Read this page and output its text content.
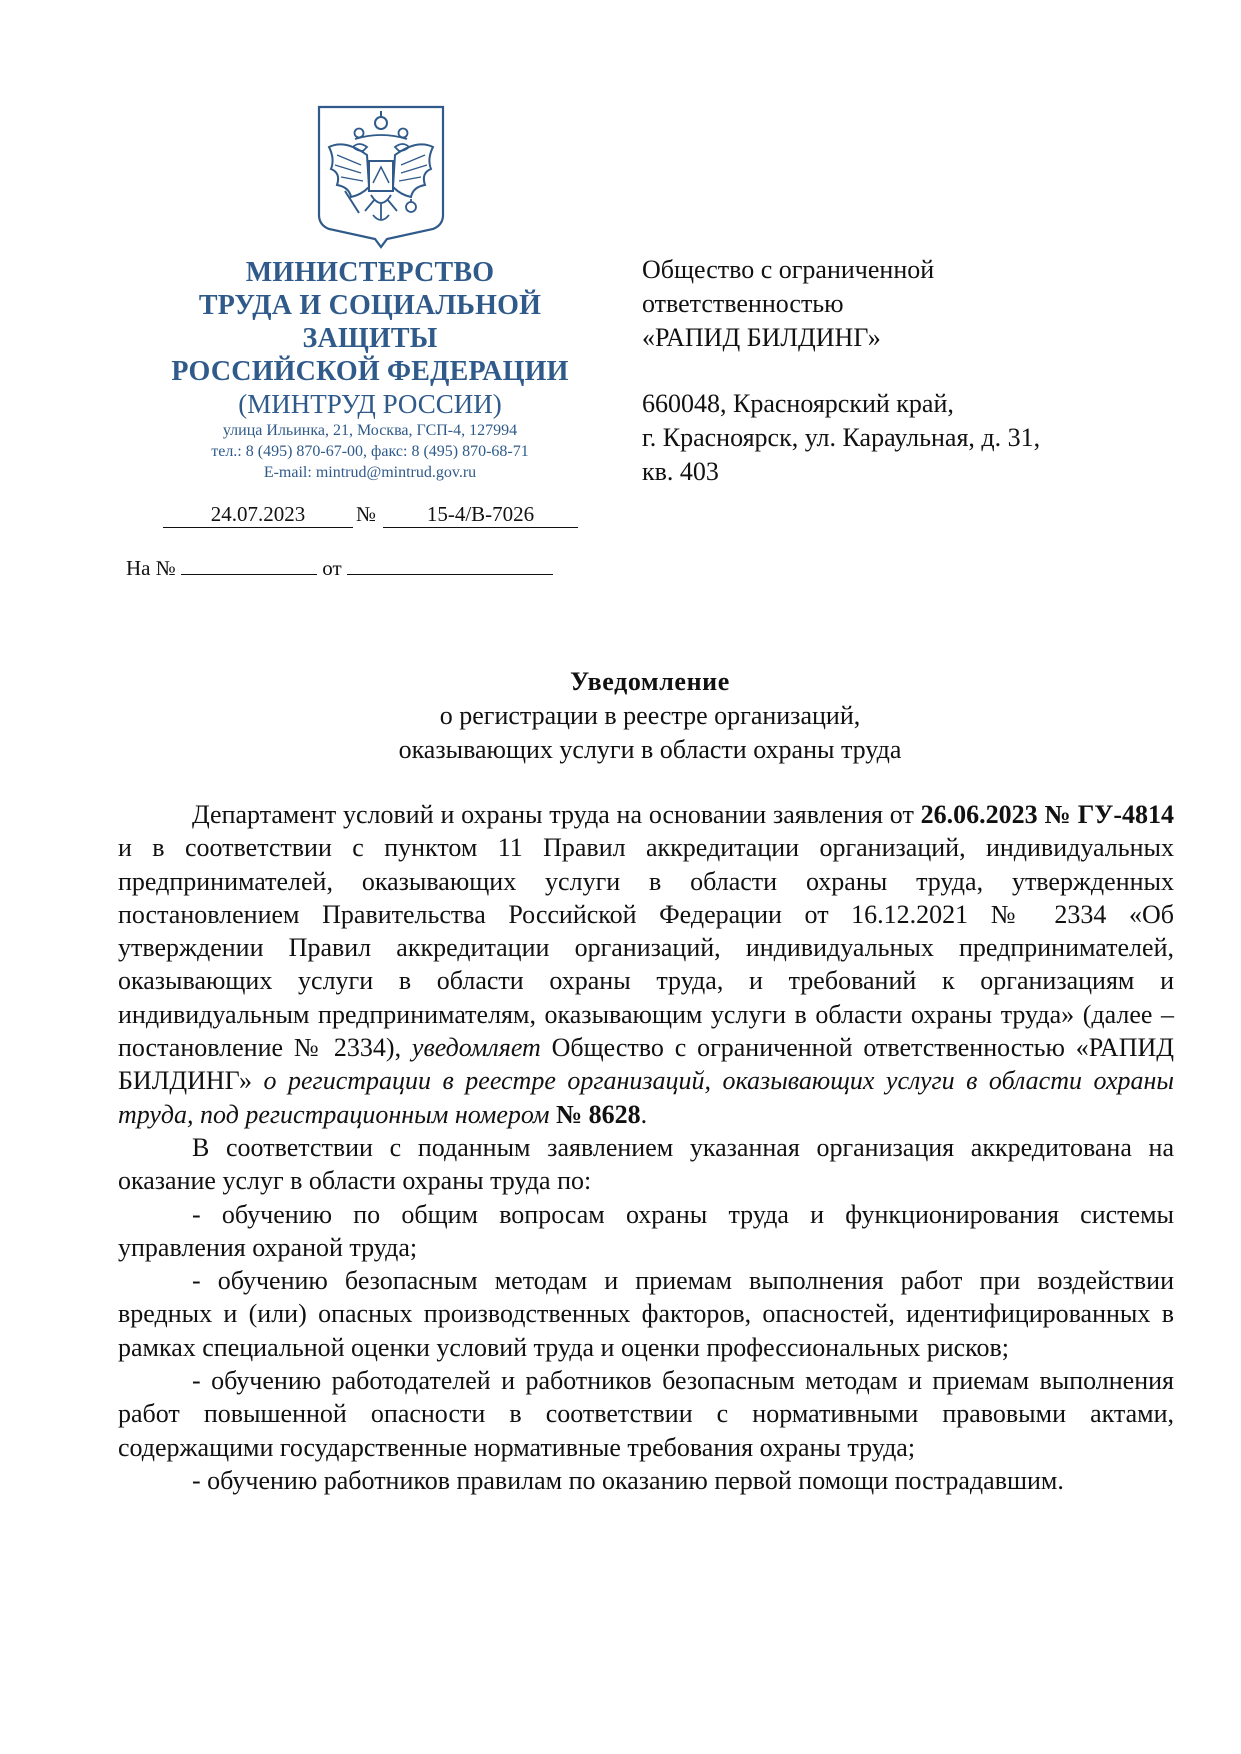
МИНИСТЕРСТВО
ТРУДА И СОЦИАЛЬНОЙ
ЗАЩИТЫ
РОССИЙСКОЙ ФЕДЕРАЦИИ
(МИНТРУД РОССИИ)
улица Ильинка, 21, Москва, ГСП-4, 127994
тел.: 8 (495) 870-67-00, факс: 8 (495) 870-68-71
E-mail: mintrud@mintrud.gov.ru
24.07.2023	№	15-4/В-7026
На №	от

Общество с ограниченной

ответственностью

«РАПИД БИЛДИНГ»

660048, Красноярский край,

г. Красноярск, ул. Караульная, д. 31,

кв. 403

Уведомление
о регистрации в реестре организаций,
оказывающих услуги в области охраны труда

Департамент условий и охраны труда на основании заявления от 26.06.2023 № ГУ-4814 и в соответствии с пунктом 11 Правил аккредитации организаций, индивидуальных предпринимателей, оказывающих услуги в области охраны труда, утвержденных постановлением Правительства Российской Федерации от 16.12.2021 № 2334 «Об утверждении Правил аккредитации организаций, индивидуальных предпринимателей, оказывающих услуги в области охраны труда, и требований к организациям и индивидуальным предпринимателям, оказывающим услуги в области охраны труда» (далее – постановление № 2334), уведомляет Общество с ограниченной ответственностью «РАПИД БИЛДИНГ» о регистрации в реестре организаций, оказывающих услуги в области охраны труда, под регистрационным номером № 8628.

В соответствии с поданным заявлением указанная организация аккредитована на оказание услуг в области охраны труда по:

- обучению по общим вопросам охраны труда и функционирования системы управления охраной труда;

- обучению безопасным методам и приемам выполнения работ при воздействии вредных и (или) опасных производственных факторов, опасностей, идентифицированных в рамках специальной оценки условий труда и оценки профессиональных рисков;

- обучению работодателей и работников безопасным методам и приемам выполнения работ повышенной опасности в соответствии с нормативными правовыми актами, содержащими государственные нормативные требования охраны труда;

- обучению работников правилам по оказанию первой помощи пострадавшим.
